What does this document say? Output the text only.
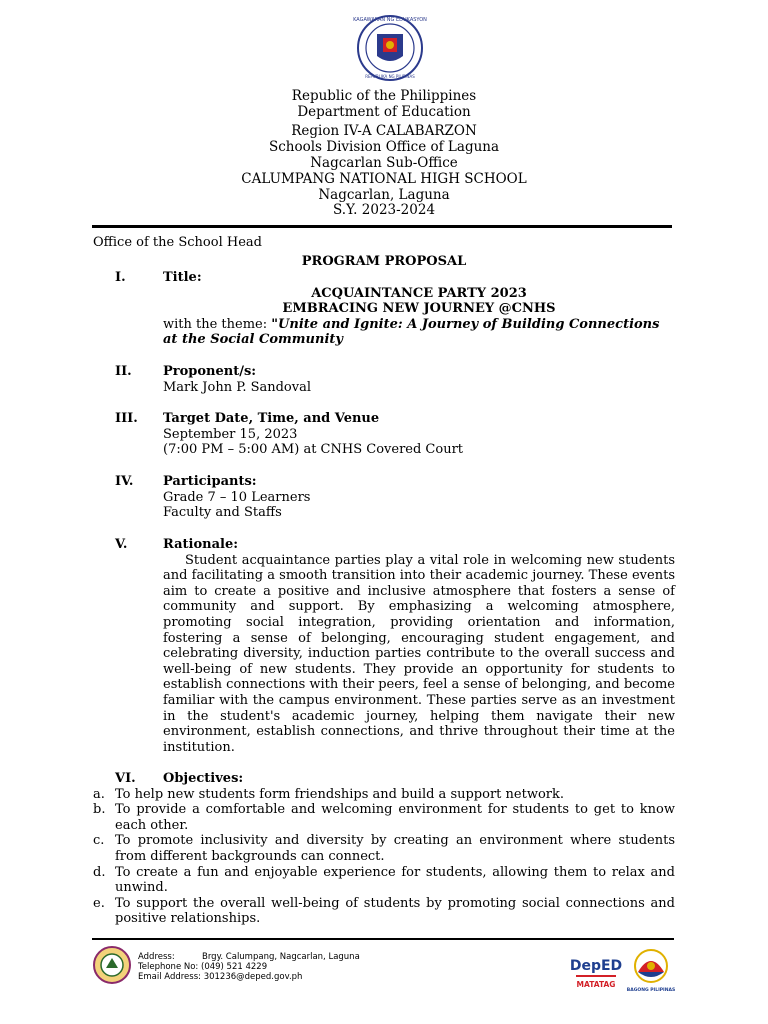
KAGAWARAN NG EDUKASYON
REPUBLIKA NG PILIPINAS
Republic of the Philippines
Department of Education
Region IV-A CALABARZON
Schools Division Office of Laguna
Nagcarlan Sub-Office
CALUMPANG NATIONAL HIGH SCHOOL
Nagcarlan, Laguna
S.Y. 2023-2024
Office of the School Head
PROGRAM PROPOSAL
I.	Title:
ACQUAINTANCE PARTY 2023
EMBRACING NEW JOURNEY @CNHS
with the theme: "Unite and Ignite: A Journey of Building Connections at the Social Community
II. Proponent/s:
Mark John P. Sandoval
III. Target Date, Time, and Venue
September 15, 2023
(7:00 PM – 5:00 AM) at CNHS Covered Court
IV. Participants:
Grade 7 – 10 Learners
Faculty and Staffs
V.	Rationale:
Student acquaintance parties play a vital role in welcoming new students and facilitating a smooth transition into their academic journey. These events aim to create a positive and inclusive atmosphere that fosters a sense of community and support. By emphasizing a welcoming atmosphere, promoting social integration, providing orientation and information, fostering a sense of belonging, encouraging student engagement, and celebrating diversity, induction parties contribute to the overall success and well-being of new students. They provide an opportunity for students to establish connections with their peers, feel a sense of belonging, and become familiar with the campus environment. These parties serve as an investment in the student's academic journey, helping them navigate their new environment, establish connections, and thrive throughout their time at the institution.
VI. Objectives:
a. To help new students form friendships and build a support network.
b. To provide a comfortable and welcoming environment for students to get to know each other.
c. To promote inclusivity and diversity by creating an environment where students from different backgrounds can connect.
d. To create a fun and enjoyable experience for students, allowing them to relax and unwind.
e. To support the overall well-being of students by promoting social connections and positive relationships.
Address:	Brgy. Calumpang, Nagcarlan, Laguna
Telephone No: (049) 521 4229
Email Address: 301236@deped.gov.ph
DepED
MATATAG
BAGONG PILIPINAS
